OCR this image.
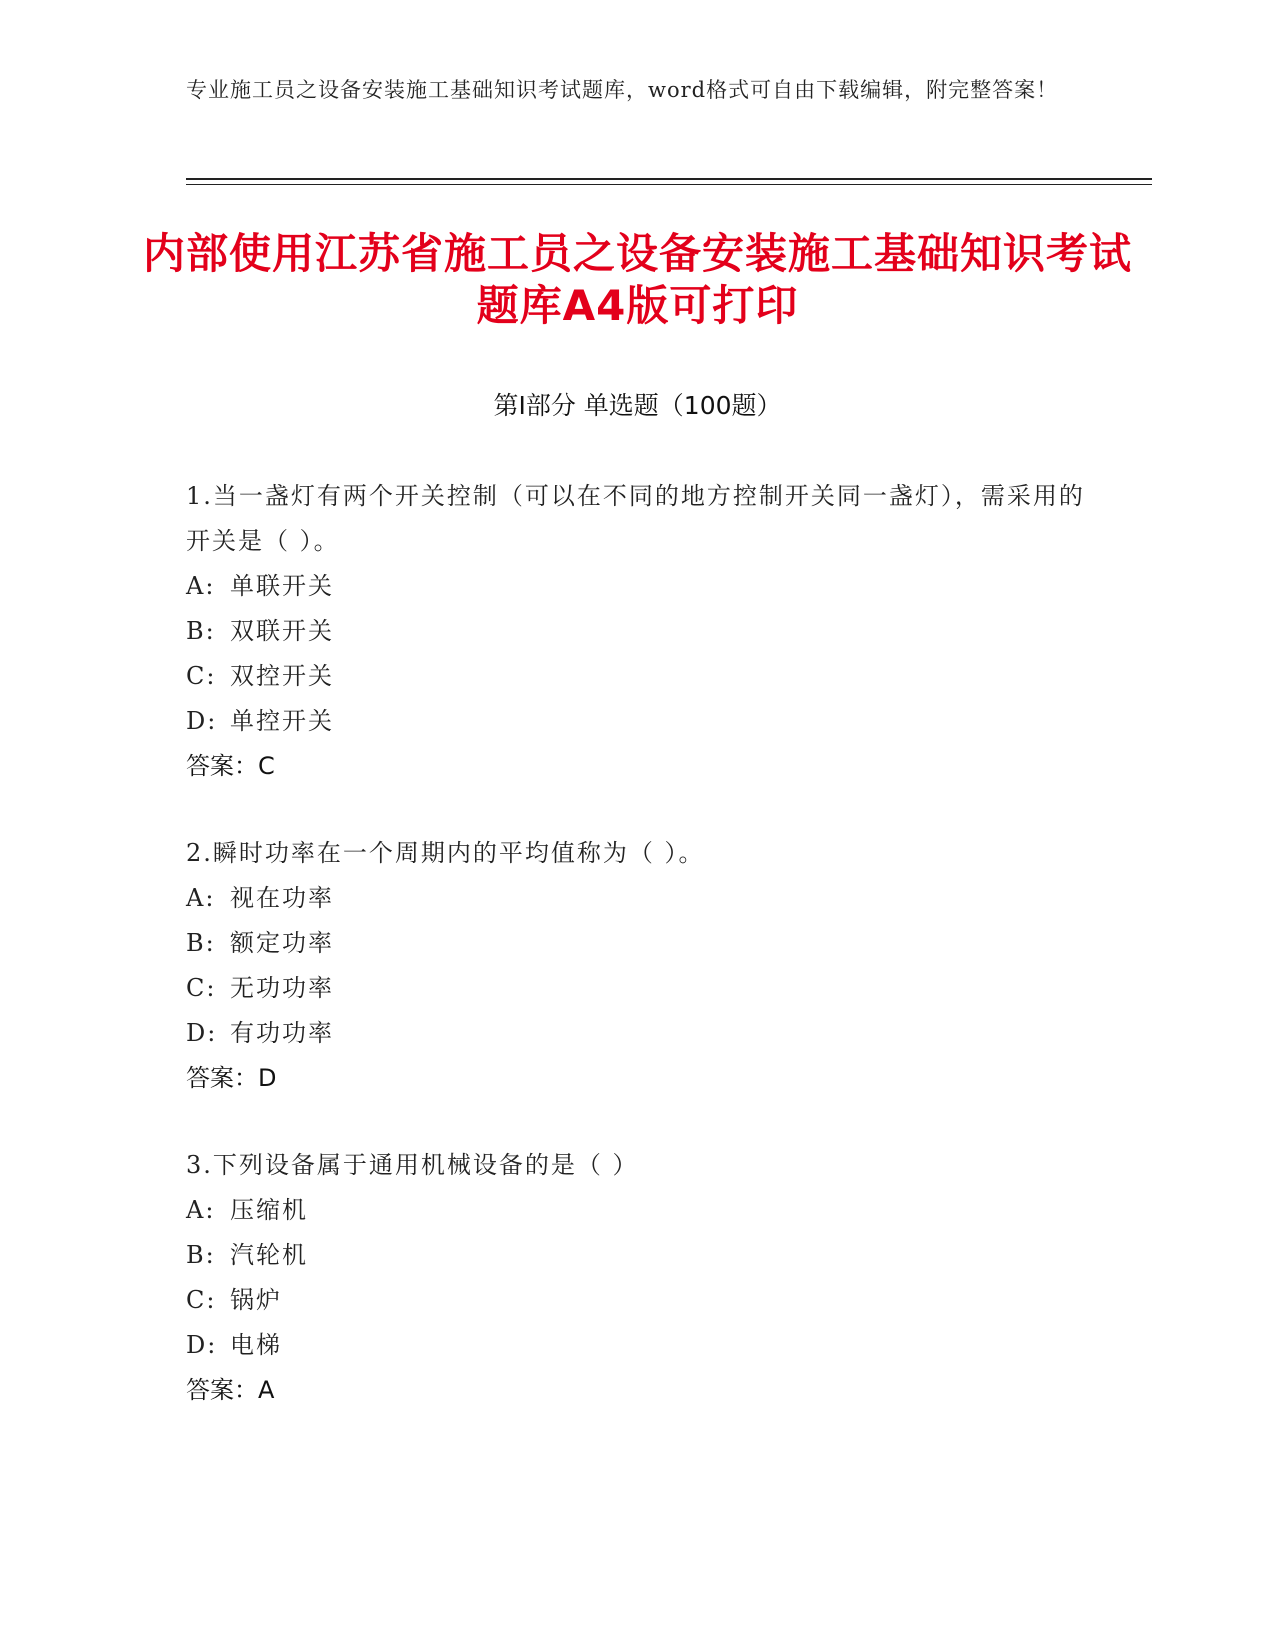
专业施工员之设备安装施工基础知识考试题库，word格式可自由下载编辑，附完整答案！
内部使用江苏省施工员之设备安装施工基础知识考试题库A4版可打印
第Ⅰ部分 单选题（100题）
1.当一盏灯有两个开关控制（可以在不同的地方控制开关同一盏灯），需采用的开关是（ ）。
A: 单联开关
B: 双联开关
C: 双控开关
D: 单控开关
答案：C
2.瞬时功率在一个周期内的平均值称为（ ）。
A: 视在功率
B: 额定功率
C: 无功功率
D: 有功功率
答案：D
3.下列设备属于通用机械设备的是（ ）
A: 压缩机
B: 汽轮机
C: 锅炉
D: 电梯
答案：A
